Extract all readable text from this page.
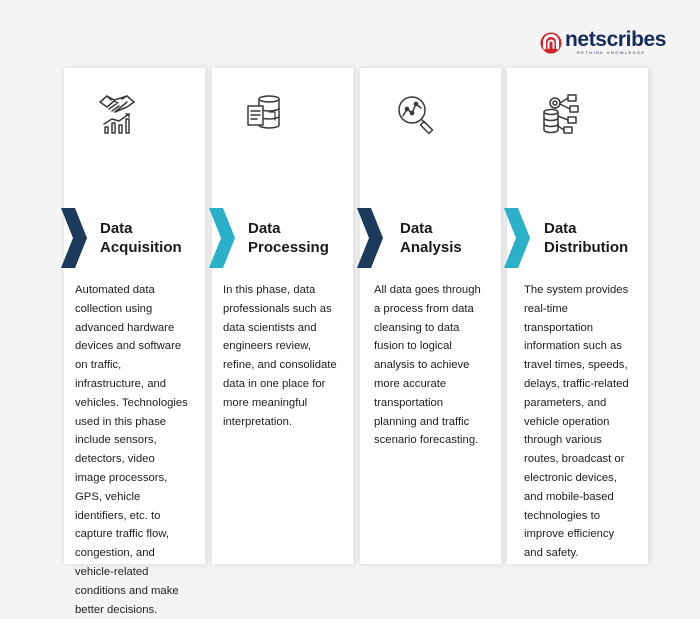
netscribes
RETHINK KNOWLEDGE
Data
Acquisition
Automated data
collection using
advanced hardware
devices and software
on traffic,
infrastructure, and
vehicles. Technologies
used in this phase
include sensors,
detectors, video
image processors,
GPS, vehicle
identifiers, etc. to
capture traffic flow,
congestion, and
vehicle-related
conditions and make
better decisions.
Data
Processing
In this phase, data
professionals such as
data scientists and
engineers review,
refine, and consolidate
data in one place for
more meaningful
interpretation.
Data
Analysis
All data goes through
a process from data
cleansing to data
fusion to logical
analysis to achieve
more accurate
transportation
planning and traffic
scenario forecasting.
Data
Distribution
The system provides
real-time
transportation
information such as
travel times, speeds,
delays, traffic-related
parameters, and
vehicle operation
through various
routes, broadcast or
electronic devices,
and mobile-based
technologies to
improve efficiency
and safety.
